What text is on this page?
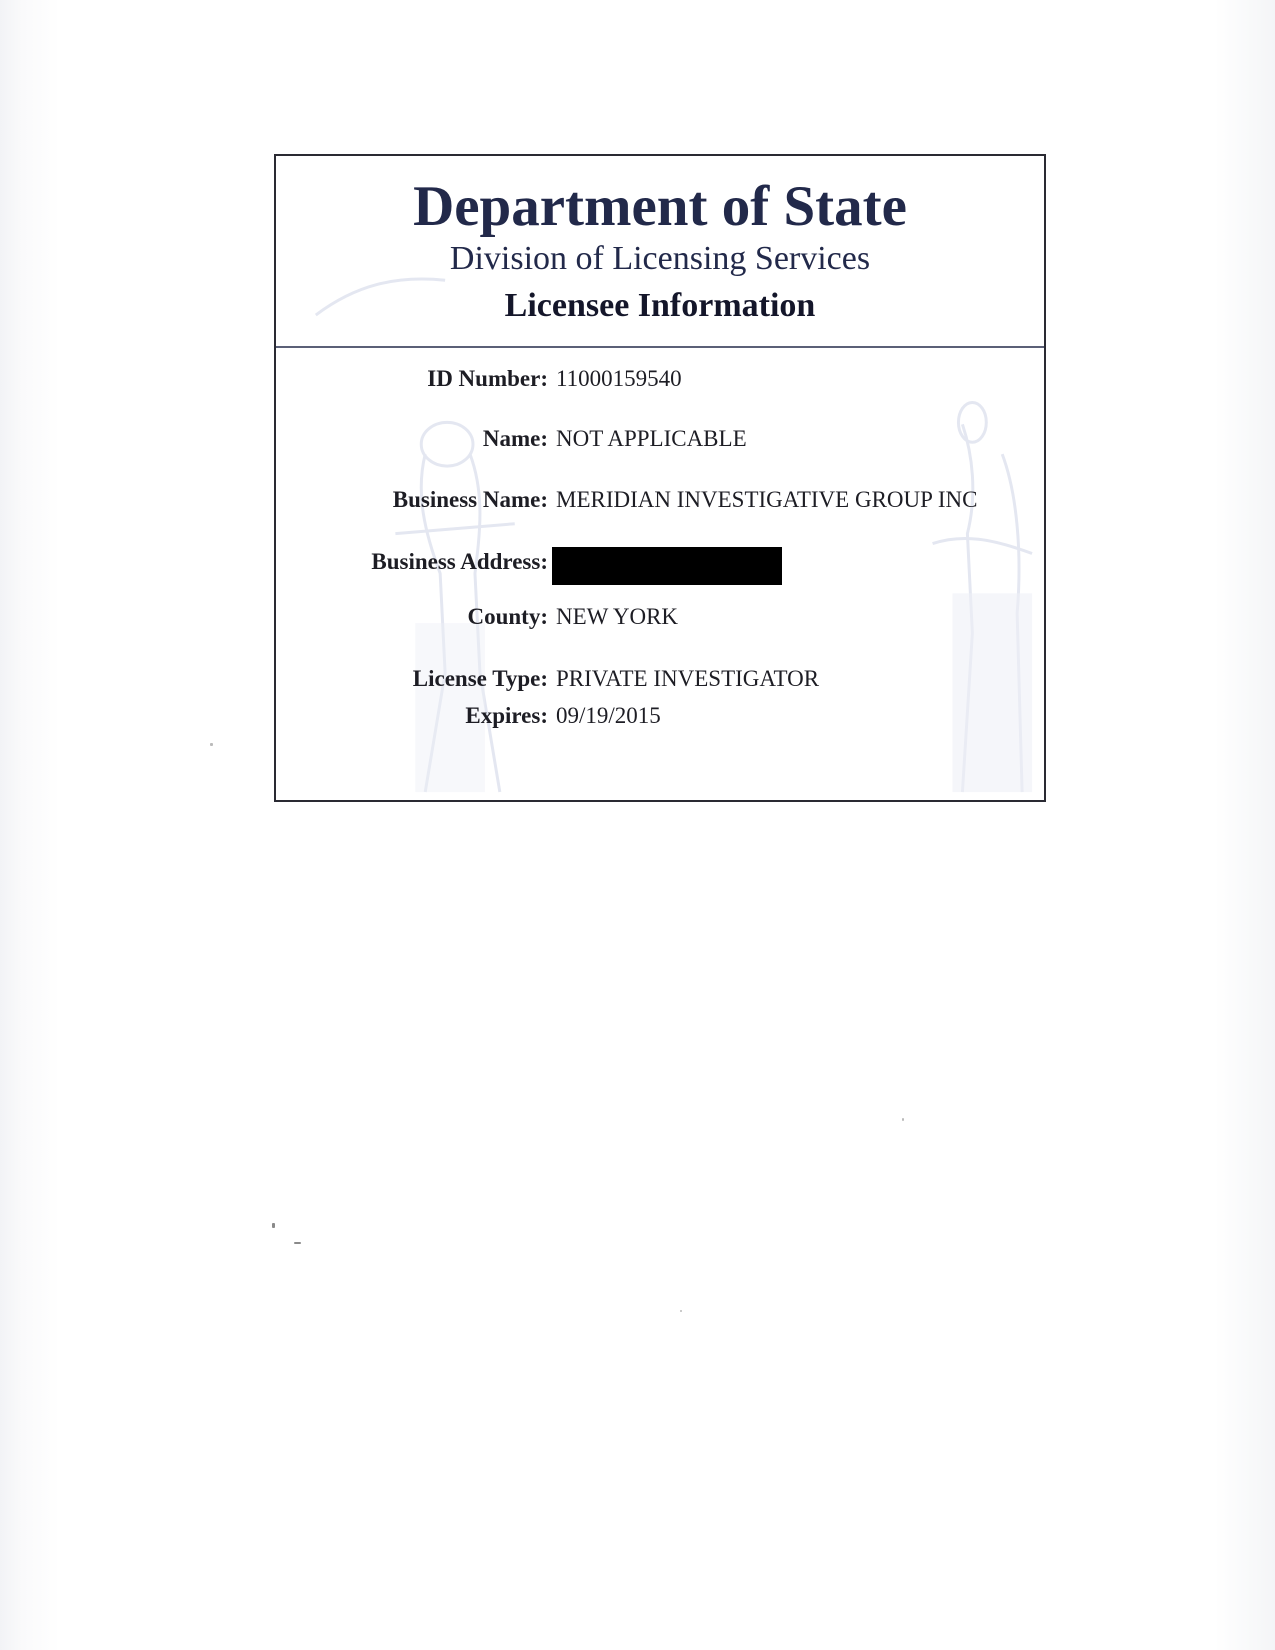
Department of State
Division of Licensing Services
Licensee Information
ID Number: 11000159540
Name: NOT APPLICABLE
Business Name: MERIDIAN INVESTIGATIVE GROUP INC
Business Address:
County: NEW YORK
License Type: PRIVATE INVESTIGATOR
Expires: 09/19/2015
